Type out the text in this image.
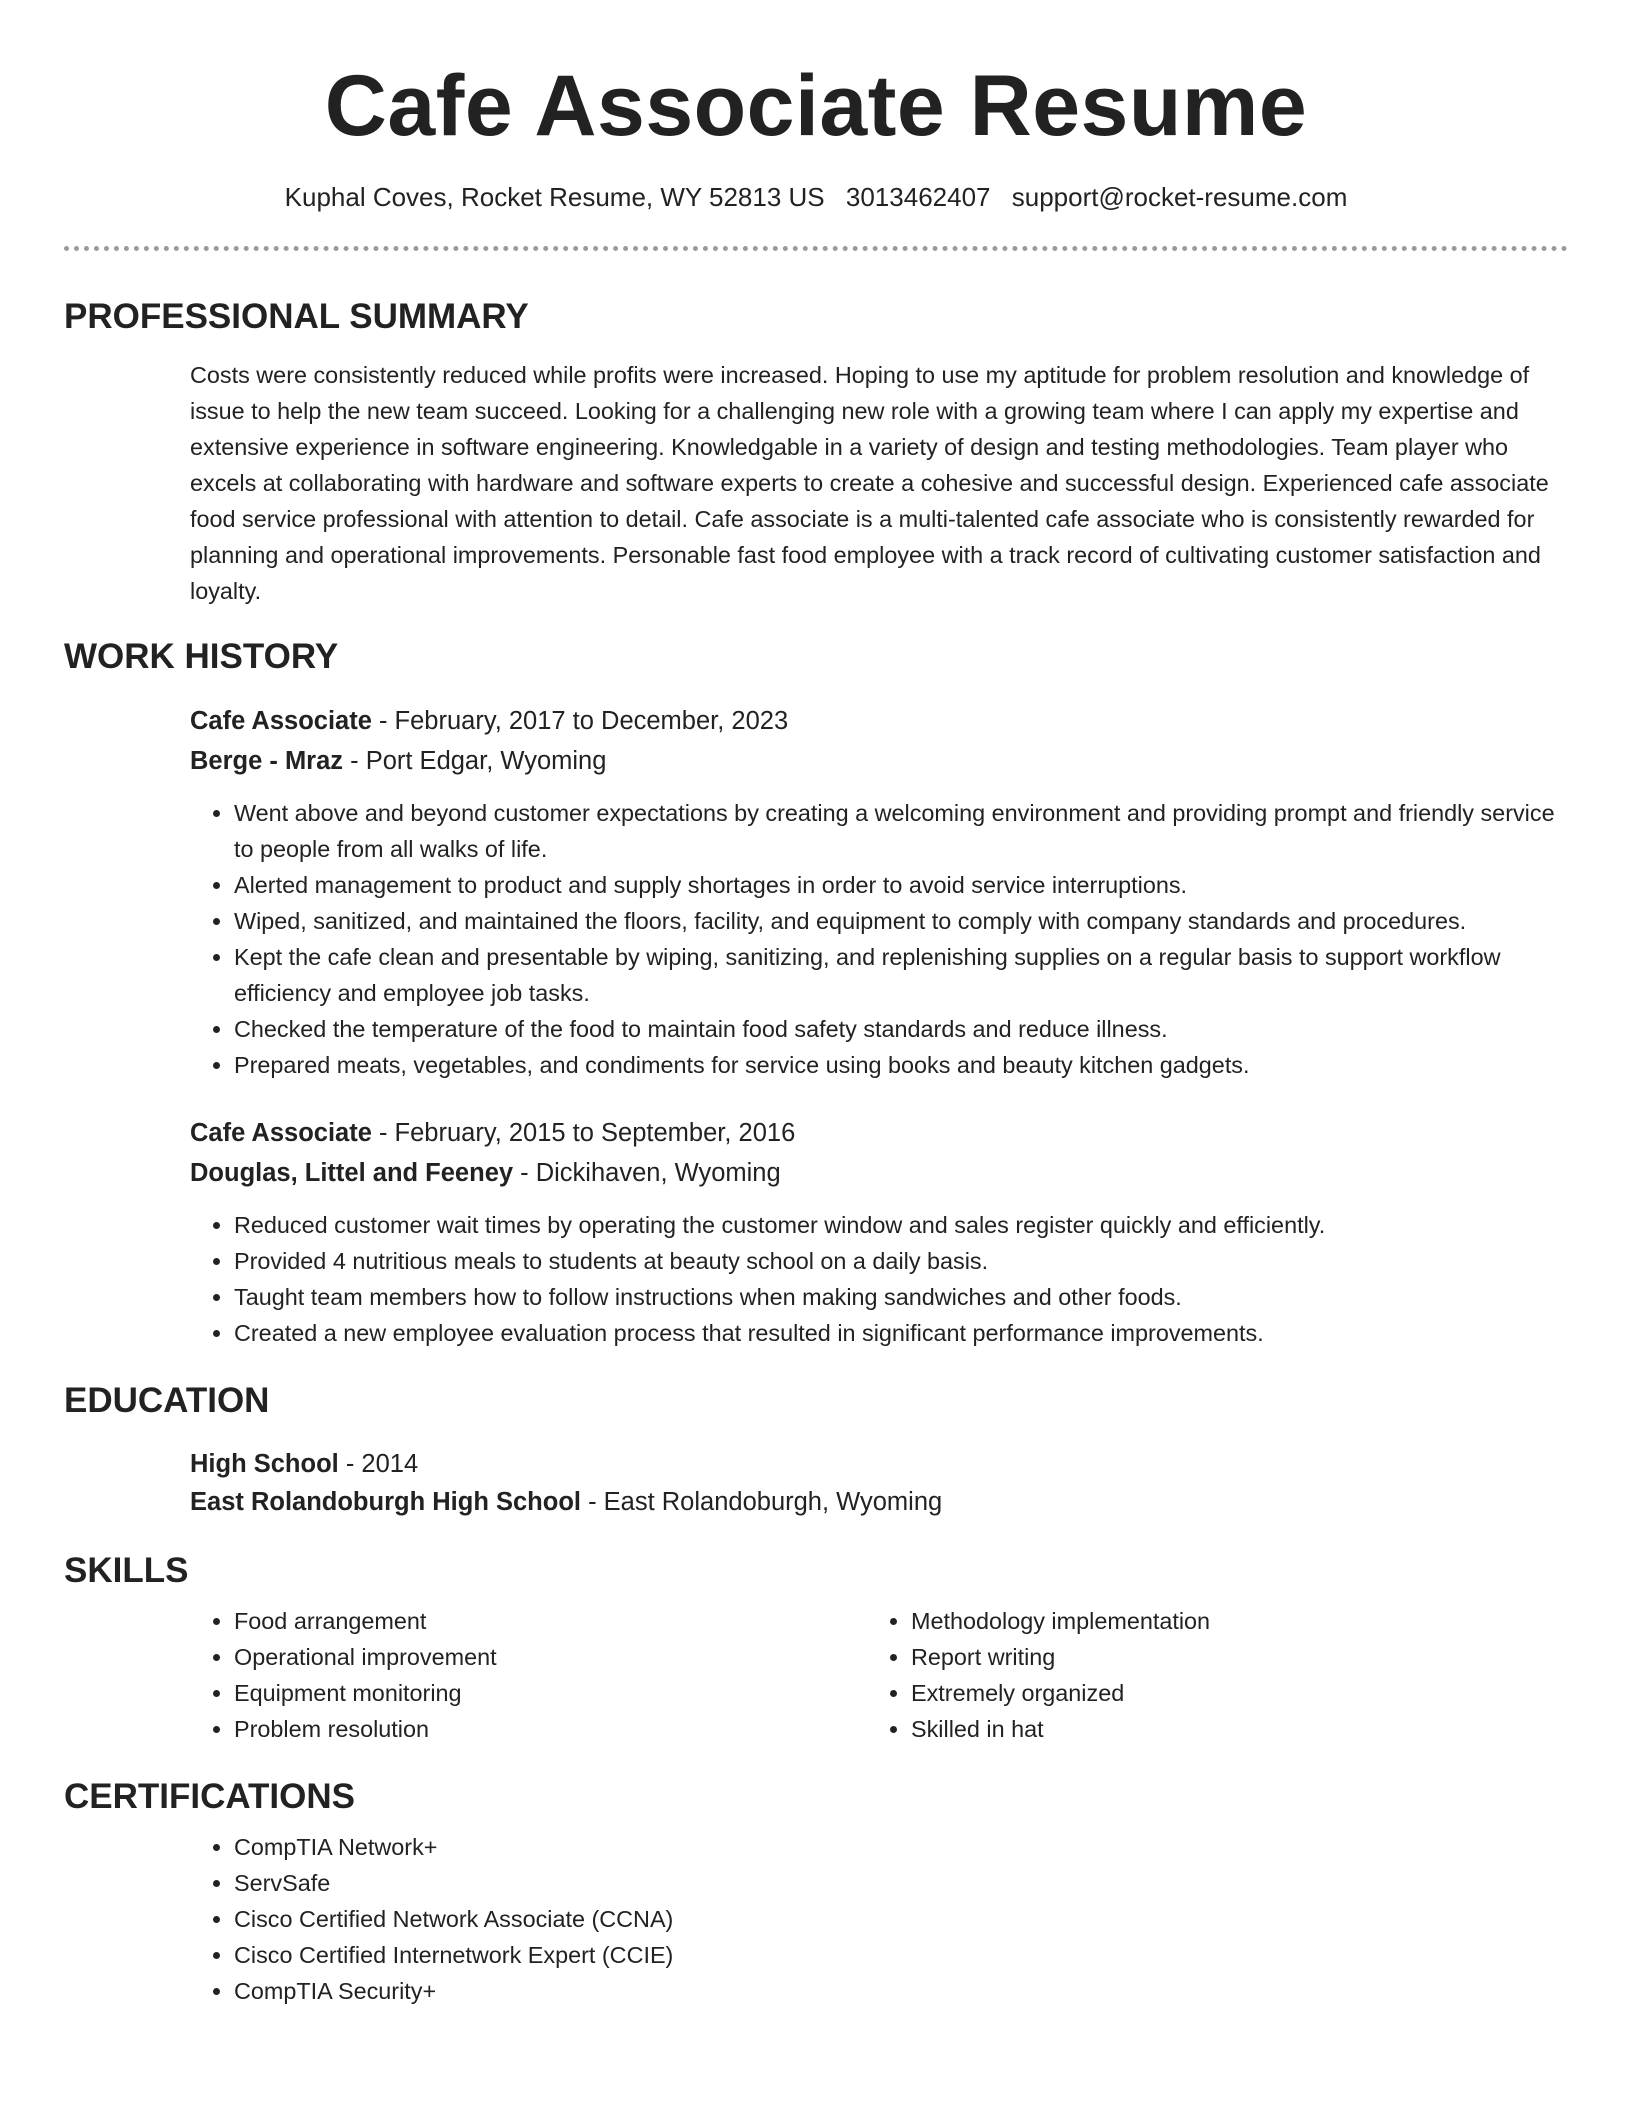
Cafe Associate Resume
Kuphal Coves, Rocket Resume, WY 52813 US 3013462407 support@rocket-resume.com
PROFESSIONAL SUMMARY

Costs were consistently reduced while profits were increased. Hoping to use my aptitude for problem resolution and knowledge of issue to help the new team succeed. Looking for a challenging new role with a growing team where I can apply my expertise and extensive experience in software engineering. Knowledgable in a variety of design and testing methodologies. Team player who excels at collaborating with hardware and software experts to create a cohesive and successful design. Experienced cafe associate food service professional with attention to detail. Cafe associate is a multi-talented cafe associate who is consistently rewarded for planning and operational improvements. Personable fast food employee with a track record of cultivating customer satisfaction and loyalty.

WORK HISTORY
Cafe Associate - February, 2017 to December, 2023
Berge - Mraz - Port Edgar, Wyoming
• Went above and beyond customer expectations by creating a welcoming environment and providing prompt and friendly service to people from all walks of life.
• Alerted management to product and supply shortages in order to avoid service interruptions.
• Wiped, sanitized, and maintained the floors, facility, and equipment to comply with company standards and procedures.
• Kept the cafe clean and presentable by wiping, sanitizing, and replenishing supplies on a regular basis to support workflow efficiency and employee job tasks.
• Checked the temperature of the food to maintain food safety standards and reduce illness.
• Prepared meats, vegetables, and condiments for service using books and beauty kitchen gadgets.
Cafe Associate - February, 2015 to September, 2016
Douglas, Littel and Feeney - Dickihaven, Wyoming
• Reduced customer wait times by operating the customer window and sales register quickly and efficiently.
• Provided 4 nutritious meals to students at beauty school on a daily basis.
• Taught team members how to follow instructions when making sandwiches and other foods.
• Created a new employee evaluation process that resulted in significant performance improvements.
EDUCATION
High School - 2014
East Rolandoburgh High School - East Rolandoburgh, Wyoming
SKILLS
• Food arrangement
• Operational improvement
• Equipment monitoring
• Problem resolution
• Methodology implementation
• Report writing
• Extremely organized
• Skilled in hat
CERTIFICATIONS
• CompTIA Network+
• ServSafe
• Cisco Certified Network Associate (CCNA)
• Cisco Certified Internetwork Expert (CCIE)
• CompTIA Security+
